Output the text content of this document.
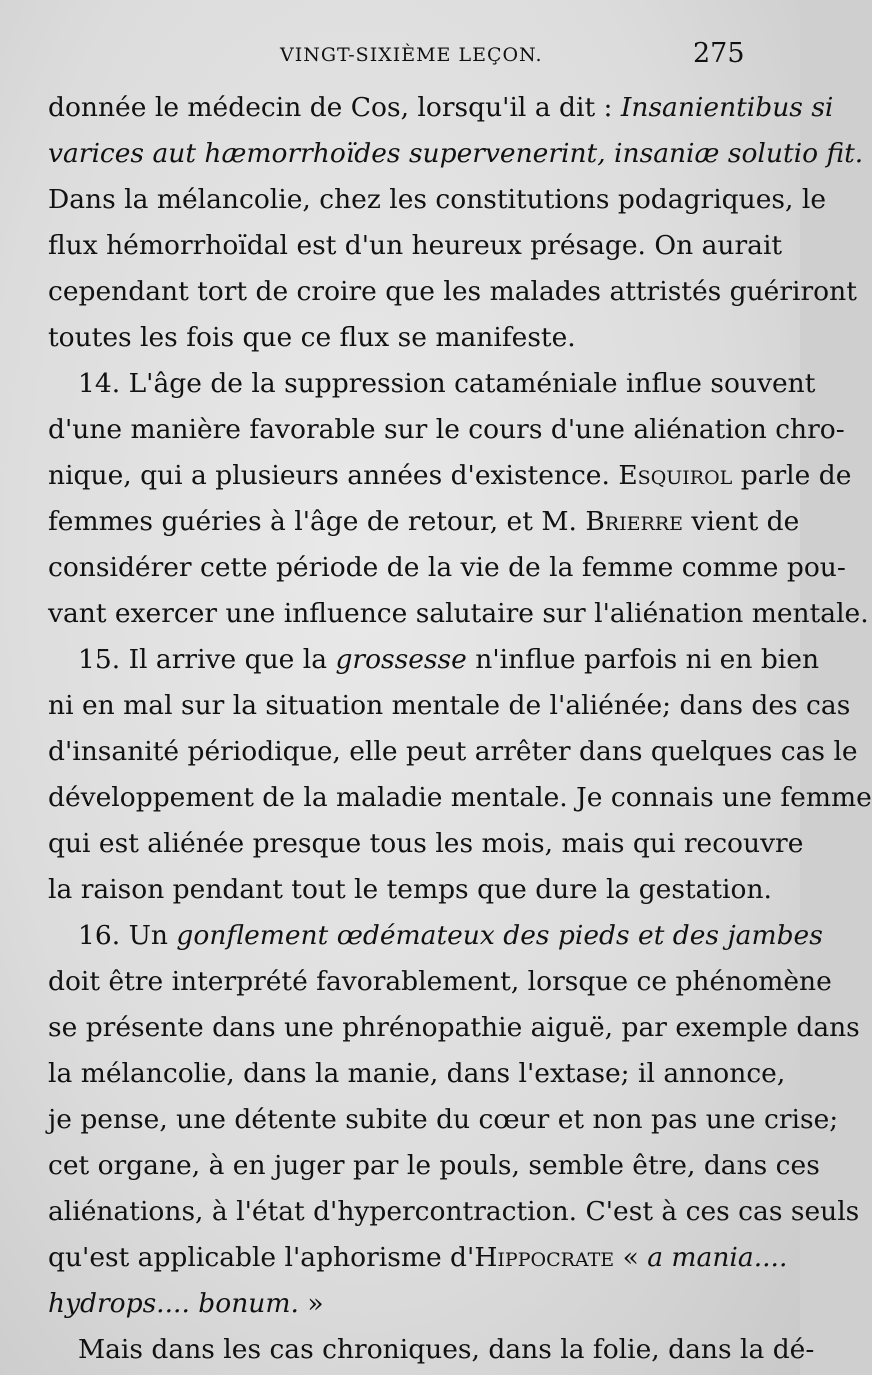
VINGT-SIXIÈME LEÇON.	275
donnée le médecin de Cos, lorsqu'il a dit : Insanientibus si
varices aut hæmorrhoïdes supervenerint, insaniæ solutio fit.
Dans la mélancolie, chez les constitutions podagriques, le
flux hémorrhoïdal est d'un heureux présage. On aurait
cependant tort de croire que les malades attristés guériront
toutes les fois que ce flux se manifeste.
14. L'âge de la suppression cataméniale influe souvent
d'une manière favorable sur le cours d'une aliénation chro-
nique, qui a plusieurs années d'existence. Esquirol parle de
femmes guéries à l'âge de retour, et M. Brierre vient de
considérer cette période de la vie de la femme comme pou-
vant exercer une influence salutaire sur l'aliénation mentale.
15. Il arrive que la grossesse n'influe parfois ni en bien
ni en mal sur la situation mentale de l'aliénée; dans des cas
d'insanité périodique, elle peut arrêter dans quelques cas le
développement de la maladie mentale. Je connais une femme
qui est aliénée presque tous les mois, mais qui recouvre
la raison pendant tout le temps que dure la gestation.
16. Un gonflement œdémateux des pieds et des jambes
doit être interprété favorablement, lorsque ce phénomène
se présente dans une phrénopathie aiguë, par exemple dans
la mélancolie, dans la manie, dans l'extase; il annonce,
je pense, une détente subite du cœur et non pas une crise;
cet organe, à en juger par le pouls, semble être, dans ces
aliénations, à l'état d'hypercontraction. C'est à ces cas seuls
qu'est applicable l'aphorisme d'Hippocrate « a mania....
hydrops.... bonum. »
Mais dans les cas chroniques, dans la folie, dans la dé-
